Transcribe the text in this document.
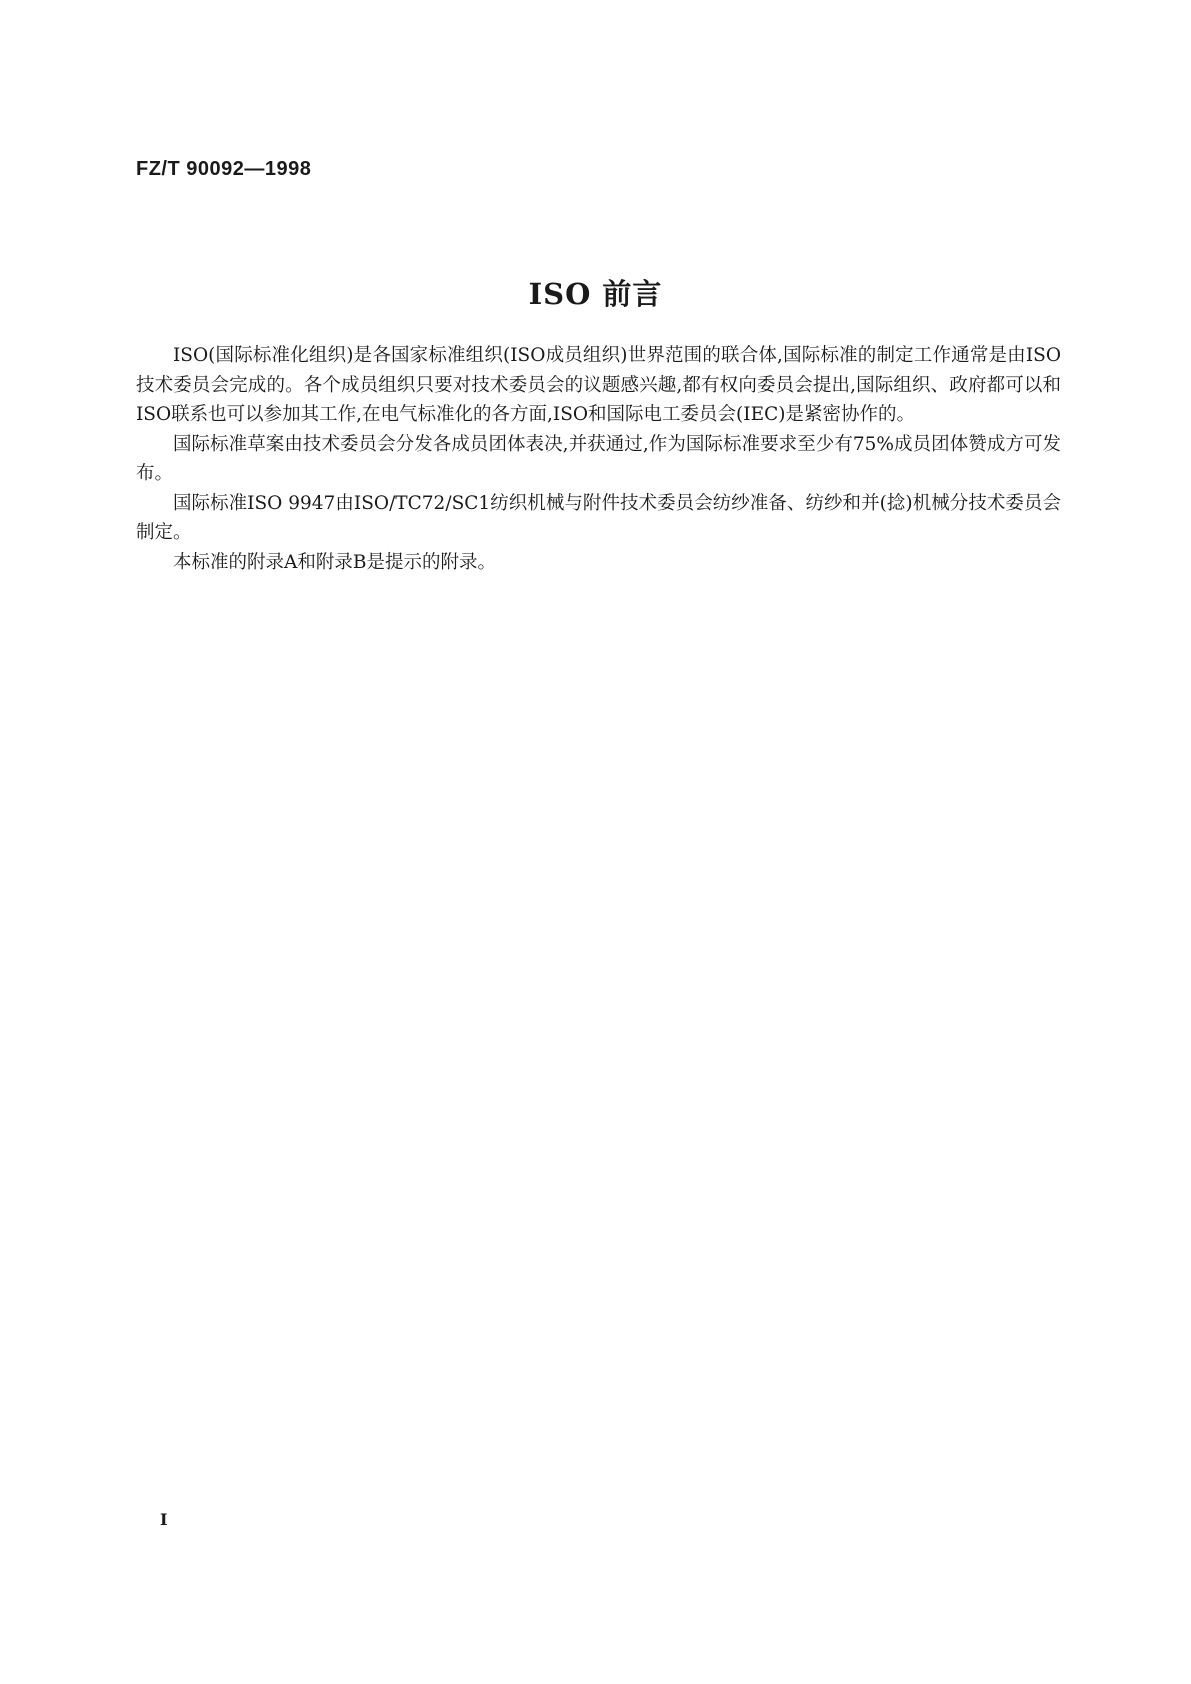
FZ/T 90092—1998
ISO 前言

ISO(国际标准化组织)是各国家标准组织(ISO成员组织)世界范围的联合体,国际标准的制定工作通常是由ISO技术委员会完成的。各个成员组织只要对技术委员会的议题感兴趣,都有权向委员会提出,国际组织、政府都可以和ISO联系也可以参加其工作,在电气标准化的各方面,ISO和国际电工委员会(IEC)是紧密协作的。

国际标准草案由技术委员会分发各成员团体表决,并获通过,作为国际标准要求至少有75%成员团体赞成方可发布。

国际标准ISO 9947由ISO/TC72/SC1纺织机械与附件技术委员会纺纱准备、纺纱和并(捻)机械分技术委员会制定。

本标准的附录A和附录B是提示的附录。

I
